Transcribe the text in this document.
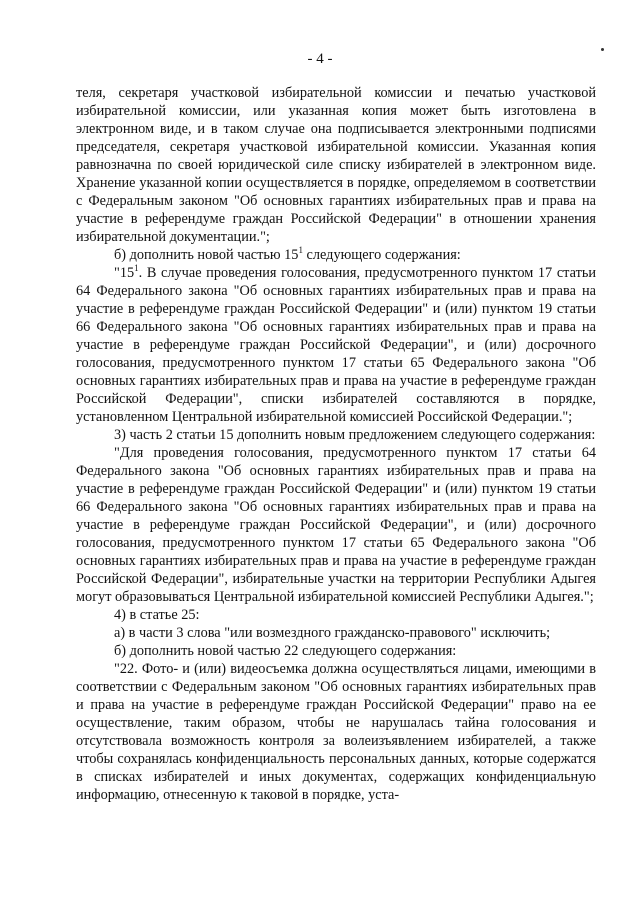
- 4 -

теля, секретаря участковой избирательной комиссии и печатью участковой избирательной комиссии, или указанная копия может быть изготовлена в электронном виде, и в таком случае она подписывается электронными подписями председателя, секретаря участковой избирательной комиссии. Указанная копия равнозначна по своей юридической силе списку избирателей в электронном виде. Хранение указанной копии осуществляется в порядке, определяемом в соответствии с Федеральным законом "Об основных гарантиях избирательных прав и права на участие в референдуме граждан Российской Федерации" в отношении хранения избирательной документации.";

б) дополнить новой частью $15^1$ следующего содержания:

"$15^1$. В случае проведения голосования, предусмотренного пунктом 17 статьи 64 Федерального закона "Об основных гарантиях избирательных прав и права на участие в референдуме граждан Российской Федерации" и (или) пунктом 19 статьи 66 Федерального закона "Об основных гарантиях избирательных прав и права на участие в референдуме граждан Российской Федерации", и (или) досрочного голосования, предусмотренного пунктом 17 статьи 65 Федерального закона "Об основных гарантиях избирательных прав и права на участие в референдуме граждан Российской Федерации", списки избирателей составляются в порядке, установленном Центральной избирательной комиссией Российской Федерации.";

3) часть 2 статьи 15 дополнить новым предложением следующего содержания:

"Для проведения голосования, предусмотренного пунктом 17 статьи 64 Федерального закона "Об основных гарантиях избирательных прав и права на участие в референдуме граждан Российской Федерации" и (или) пунктом 19 статьи 66 Федерального закона "Об основных гарантиях избирательных прав и права на участие в референдуме граждан Российской Федерации", и (или) досрочного голосования, предусмотренного пунктом 17 статьи 65 Федерального закона "Об основных гарантиях избирательных прав и права на участие в референдуме граждан Российской Федерации", избирательные участки на территории Республики Адыгея могут образовываться Центральной избирательной комиссией Республики Адыгея.";

4) в статье 25:

а) в части 3 слова "или возмездного гражданско-правового" исключить;

б) дополнить новой частью 22 следующего содержания:

"22. Фото- и (или) видеосъемка должна осуществляться лицами, имеющими в соответствии с Федеральным законом "Об основных гарантиях избирательных прав и права на участие в референдуме граждан Российской Федерации" право на ее осуществление, таким образом, чтобы не нарушалась тайна голосования и отсутствовала возможность контроля за волеизъявлением избирателей, а также чтобы сохранялась конфиденциальность персональных данных, которые содержатся в списках избирателей и иных документах, содержащих конфиденциальную информацию, отнесенную к таковой в порядке, уста-
